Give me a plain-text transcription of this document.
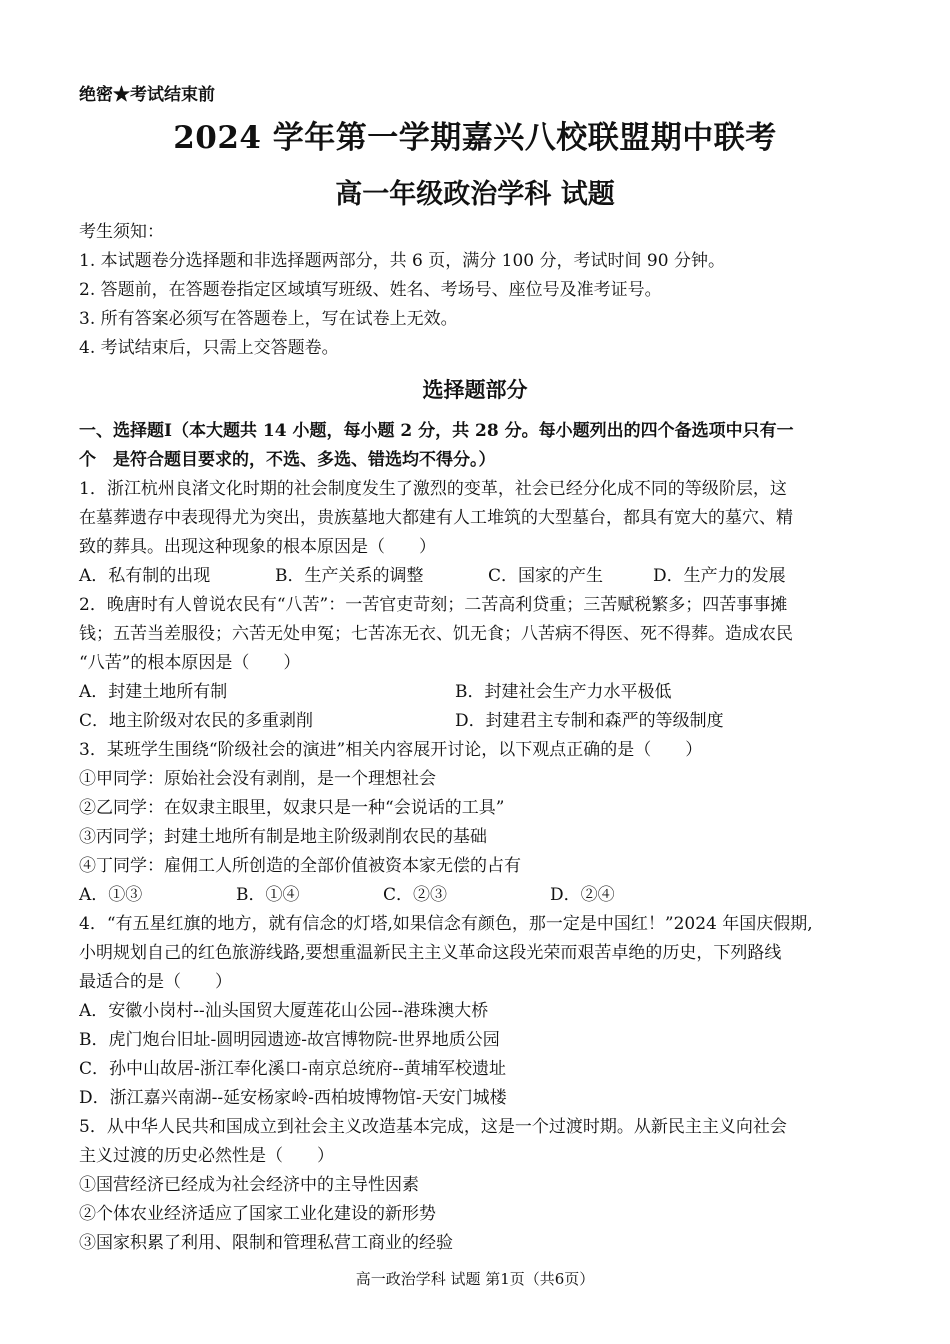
绝密★考试结束前
2024 学年第一学期嘉兴八校联盟期中联考
高一年级政治学科 试题
考生须知：
1. 本试题卷分选择题和非选择题两部分，共 6 页，满分 100 分，考试时间 90 分钟。
2. 答题前，在答题卷指定区域填写班级、姓名、考场号、座位号及准考证号。
3. 所有答案必须写在答题卷上，写在试卷上无效。
4. 考试结束后，只需上交答题卷。
选择题部分
一、选择题Ⅰ（本大题共 14 小题，每小题 2 分，共 28 分。每小题列出的四个备选项中只有一
个　是符合题目要求的，不选、多选、错选均不得分。）
1．浙江杭州良渚文化时期的社会制度发生了激烈的变革，社会已经分化成不同的等级阶层，这
在墓葬遗存中表现得尤为突出，贵族墓地大都建有人工堆筑的大型墓台，都具有宽大的墓穴、精
致的葬具。出现这种现象的根本原因是（　　）
A．私有制的出现	B．生产关系的调整	C．国家的产生	D．生产力的发展
2．晚唐时有人曾说农民有“八苦”：一苦官吏苛刻；二苦高利贷重；三苦赋税繁多；四苦事事摊
钱；五苦当差服役；六苦无处申冤；七苦冻无衣、饥无食；八苦病不得医、死不得葬。造成农民
“八苦”的根本原因是（　　）
A．封建土地所有制	B．封建社会生产力水平极低
C．地主阶级对农民的多重剥削	D．封建君主专制和森严的等级制度
3．某班学生围绕“阶级社会的演进”相关内容展开讨论，以下观点正确的是（　　）
①甲同学：原始社会没有剥削，是一个理想社会
②乙同学：在奴隶主眼里，奴隶只是一种“会说话的工具”
③丙同学；封建土地所有制是地主阶级剥削农民的基础
④丁同学：雇佣工人所创造的全部价值被资本家无偿的占有
A．①③	B．①④	C．②③	D．②④
4．“有五星红旗的地方，就有信念的灯塔,如果信念有颜色，那一定是中国红！”2024 年国庆假期,
小明规划自己的红色旅游线路,要想重温新民主主义革命这段光荣而艰苦卓绝的历史，下列路线
最适合的是（　　）
A．安徽小岗村--汕头国贸大厦莲花山公园--港珠澳大桥
B．虎门炮台旧址-圆明园遗迹-故宫博物院-世界地质公园
C．孙中山故居-浙江奉化溪口-南京总统府--黄埔军校遗址
D．浙江嘉兴南湖--延安杨家岭-西柏坡博物馆-天安门城楼
5．从中华人民共和国成立到社会主义改造基本完成，这是一个过渡时期。从新民主主义向社会
主义过渡的历史必然性是（　　）
①国营经济已经成为社会经济中的主导性因素
②个体农业经济适应了国家工业化建设的新形势
③国家积累了利用、限制和管理私营工商业的经验
高一政治学科 试题 第1页（共6页）
